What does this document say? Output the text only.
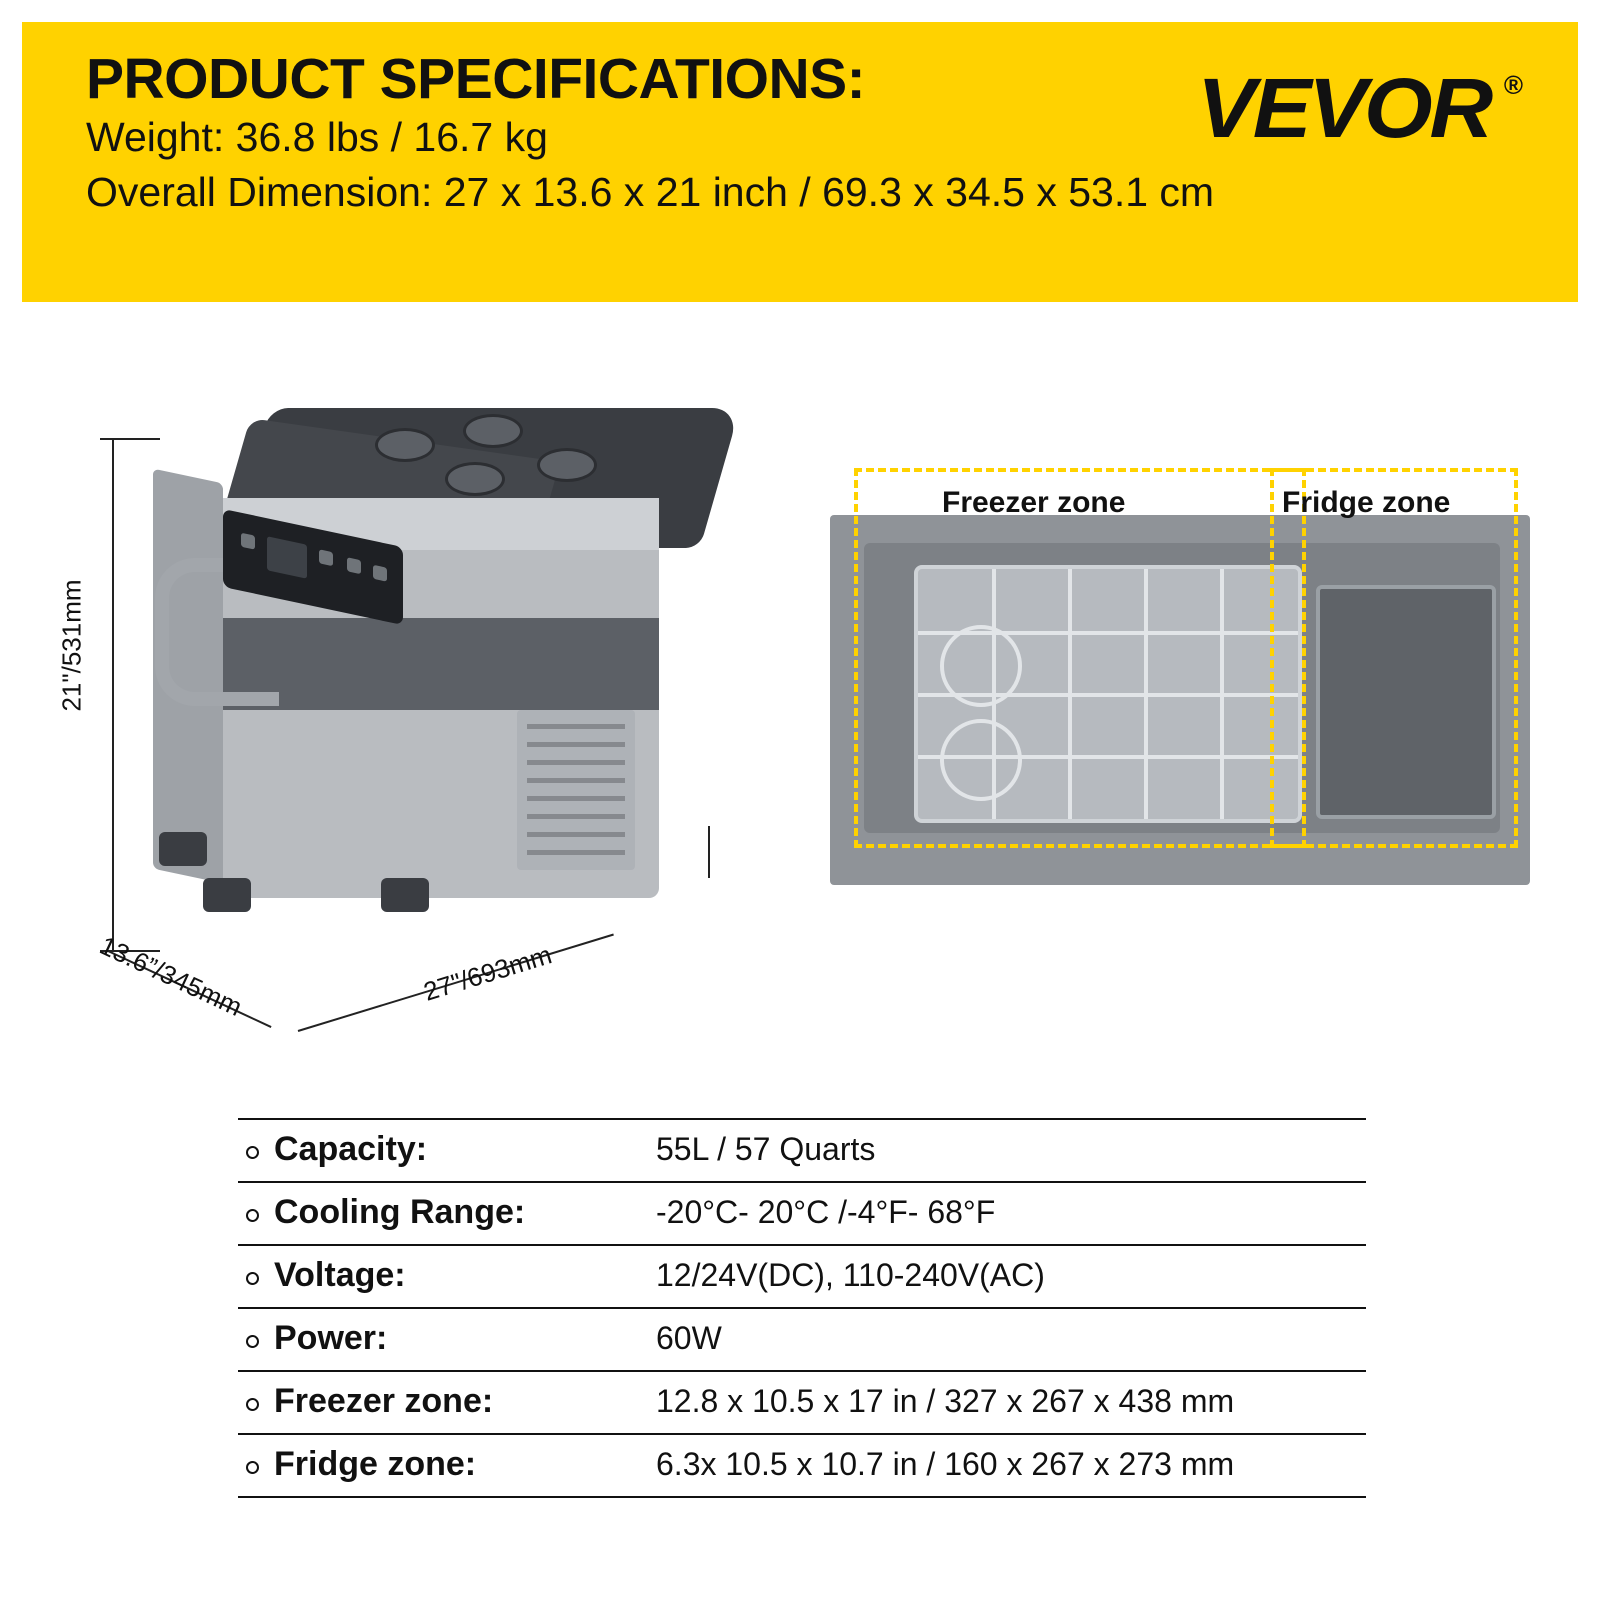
PRODUCT SPECIFICATIONS:
Weight: 36.8 lbs / 16.7 kg
Overall Dimension: 27 x 13.6 x 21 inch / 69.3 x 34.5 x 53.1 cm
VEVOR ®
21"/531mm
13.6”/345mm	27"/693mm
Freezer zone	Fridge zone
Capacity:	55L / 57 Quarts
Cooling Range:	-20°C- 20°C /-4°F- 68°F
Voltage:	12/24V(DC), 110-240V(AC)
Power:	60W
Freezer zone:	12.8 x 10.5 x 17 in / 327 x 267 x 438 mm
Fridge zone:	6.3x 10.5 x 10.7 in / 160 x 267 x 273 mm
